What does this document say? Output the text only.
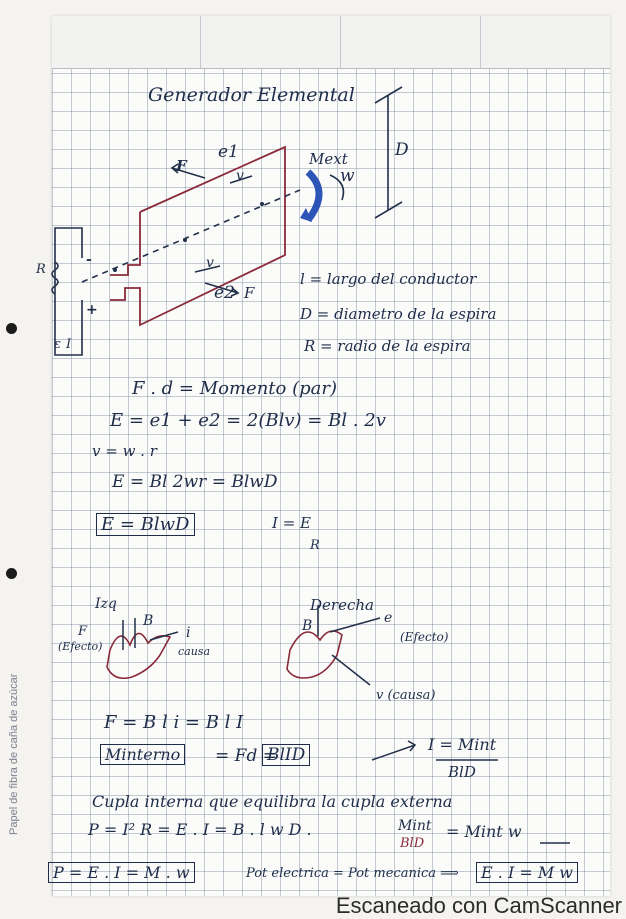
Papel de fibra de caña de azúcar
Generador Elemental
F
e1
v
Mext
w
D
v
e2 F
R
-
+
I
ε
l = largo del conductor
D = diametro de la espira
R = radio de la espira
F . d = Momento (par)
E = e1 + e2 = 2(Blv) = Bl . 2v
v = w . r
E = Bl 2wr = BlwD
E = BlwD	I = E
R
Izq
B
F
(Efecto)
i
causa
Derecha
B	e
(Efecto)
v (causa)
F = B l i = B l I
Minterno = Fd =
BlID
I = Mint
BlD
Cupla interna que equilibra la cupla externa
P = I² R = E . I = B . l w D .	Mint
BlD
= Mint w
P = E . I = M . w	Pot electrica = Pot mecanica ⟹	E . I = M w
Escaneado con CamScanner
